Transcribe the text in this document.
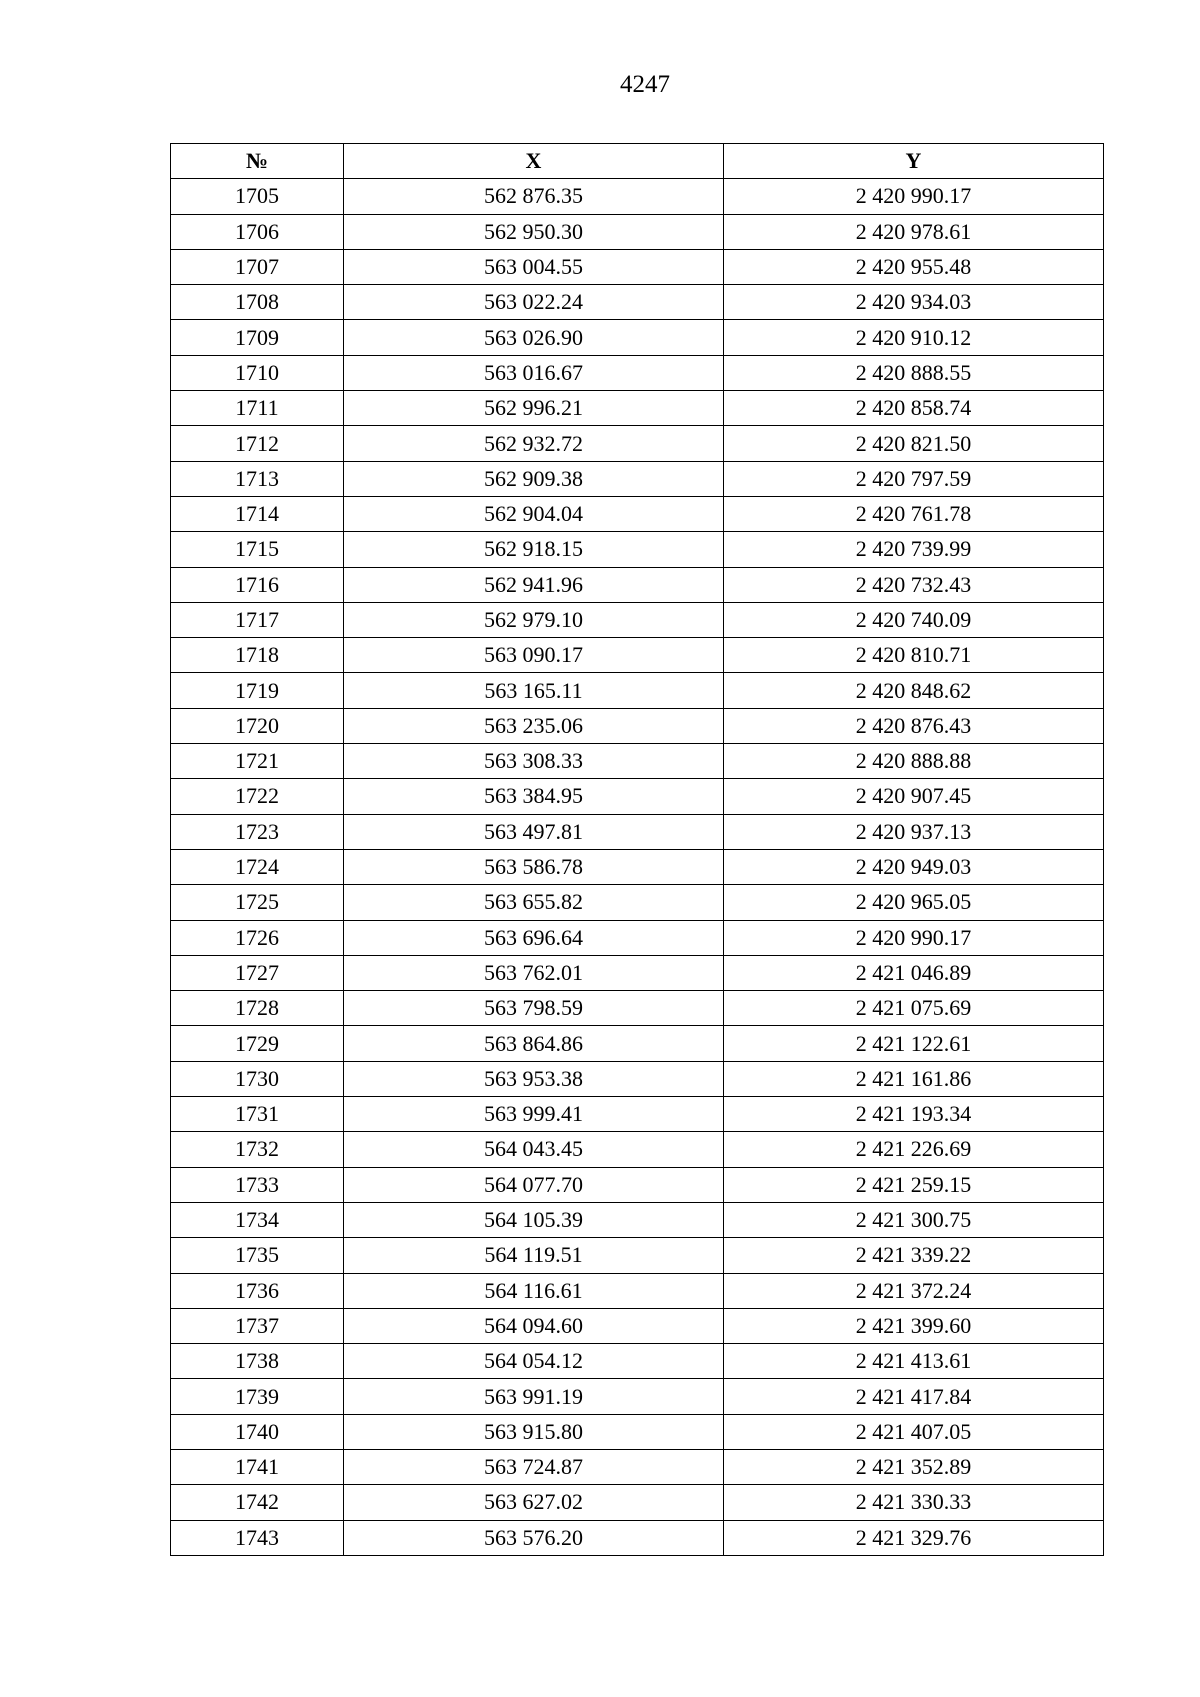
4247
№	X	Y
1705	562 876.35	2 420 990.17
1706	562 950.30	2 420 978.61
1707	563 004.55	2 420 955.48
1708	563 022.24	2 420 934.03
1709	563 026.90	2 420 910.12
1710	563 016.67	2 420 888.55
1711	562 996.21	2 420 858.74
1712	562 932.72	2 420 821.50
1713	562 909.38	2 420 797.59
1714	562 904.04	2 420 761.78
1715	562 918.15	2 420 739.99
1716	562 941.96	2 420 732.43
1717	562 979.10	2 420 740.09
1718	563 090.17	2 420 810.71
1719	563 165.11	2 420 848.62
1720	563 235.06	2 420 876.43
1721	563 308.33	2 420 888.88
1722	563 384.95	2 420 907.45
1723	563 497.81	2 420 937.13
1724	563 586.78	2 420 949.03
1725	563 655.82	2 420 965.05
1726	563 696.64	2 420 990.17
1727	563 762.01	2 421 046.89
1728	563 798.59	2 421 075.69
1729	563 864.86	2 421 122.61
1730	563 953.38	2 421 161.86
1731	563 999.41	2 421 193.34
1732	564 043.45	2 421 226.69
1733	564 077.70	2 421 259.15
1734	564 105.39	2 421 300.75
1735	564 119.51	2 421 339.22
1736	564 116.61	2 421 372.24
1737	564 094.60	2 421 399.60
1738	564 054.12	2 421 413.61
1739	563 991.19	2 421 417.84
1740	563 915.80	2 421 407.05
1741	563 724.87	2 421 352.89
1742	563 627.02	2 421 330.33
1743	563 576.20	2 421 329.76
